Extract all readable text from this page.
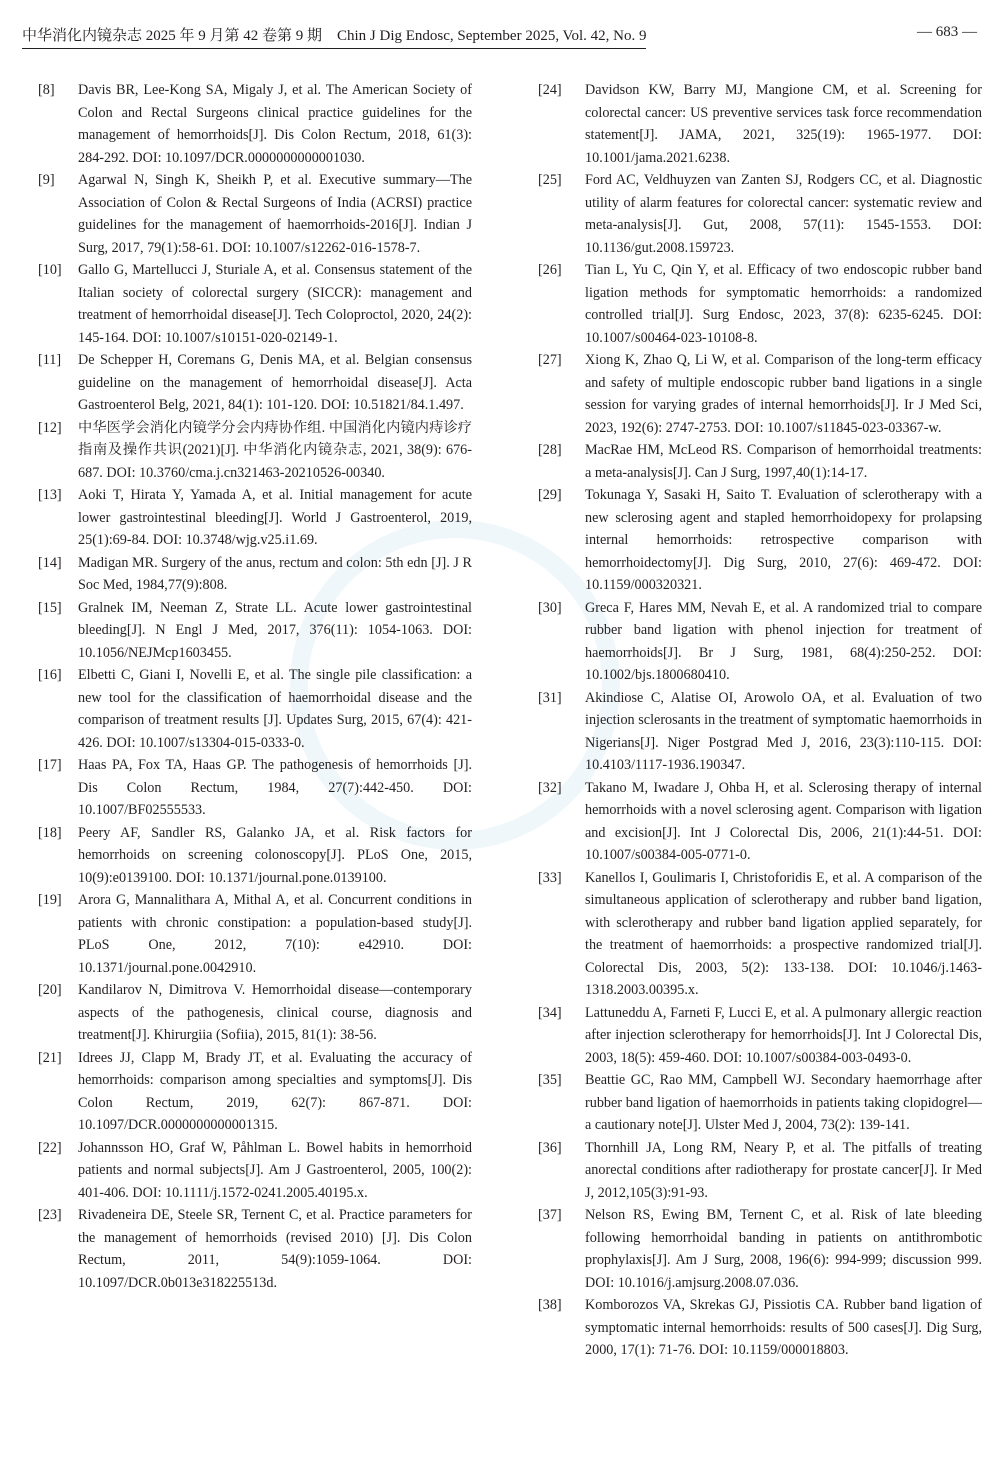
中华消化内镜杂志 2025 年 9 月第 42 卷第 9 期　Chin J Dig Endosc, September 2025, Vol. 42, No. 9	— 683 —

[8] Davis BR, Lee-Kong SA, Migaly J, et al. The American Society of Colon and Rectal Surgeons clinical practice guidelines for the management of hemorrhoids[J]. Dis Colon Rectum, 2018, 61(3): 284-292. DOI: 10.1097/DCR.0000000000001030.

[9] Agarwal N, Singh K, Sheikh P, et al. Executive summary—The Association of Colon & Rectal Surgeons of India (ACRSI) practice guidelines for the management of haemorrhoids-2016[J]. Indian J Surg, 2017, 79(1):58-61. DOI: 10.1007/s12262-016-1578-7.

[10] Gallo G, Martellucci J, Sturiale A, et al. Consensus statement of the Italian society of colorectal surgery (SICCR): management and treatment of hemorrhoidal disease[J]. Tech Coloproctol, 2020, 24(2): 145-164. DOI: 10.1007/s10151-020-02149-1.

[11] De Schepper H, Coremans G, Denis MA, et al. Belgian consensus guideline on the management of hemorrhoidal disease[J]. Acta Gastroenterol Belg, 2021, 84(1): 101-120. DOI: 10.51821/84.1.497.

[12] 中华医学会消化内镜学分会内痔协作组. 中国消化内镜内痔诊疗指南及操作共识(2021)[J]. 中华消化内镜杂志, 2021, 38(9): 676-687. DOI: 10.3760/cma.j.cn321463-20210526-00340.

[13] Aoki T, Hirata Y, Yamada A, et al. Initial management for acute lower gastrointestinal bleeding[J]. World J Gastroenterol, 2019, 25(1):69-84. DOI: 10.3748/wjg.v25.i1.69.

[14] Madigan MR. Surgery of the anus, rectum and colon: 5th edn [J]. J R Soc Med, 1984,77(9):808.

[15] Gralnek IM, Neeman Z, Strate LL. Acute lower gastrointestinal bleeding[J]. N Engl J Med, 2017, 376(11): 1054-1063. DOI: 10.1056/NEJMcp1603455.

[16] Elbetti C, Giani I, Novelli E, et al. The single pile classification: a new tool for the classification of haemorrhoidal disease and the comparison of treatment results [J]. Updates Surg, 2015, 67(4): 421-426. DOI: 10.1007/s13304-015-0333-0.

[17] Haas PA, Fox TA, Haas GP. The pathogenesis of hemorrhoids [J]. Dis Colon Rectum, 1984, 27(7):442-450. DOI: 10.1007/BF02555533.

[18] Peery AF, Sandler RS, Galanko JA, et al. Risk factors for hemorrhoids on screening colonoscopy[J]. PLoS One, 2015, 10(9):e0139100. DOI: 10.1371/journal.pone.0139100.

[19] Arora G, Mannalithara A, Mithal A, et al. Concurrent conditions in patients with chronic constipation: a population-based study[J]. PLoS One, 2012, 7(10): e42910. DOI: 10.1371/journal.pone.0042910.

[20] Kandilarov N, Dimitrova V. Hemorrhoidal disease—contemporary aspects of the pathogenesis, clinical course, diagnosis and treatment[J]. Khirurgiia (Sofiia), 2015, 81(1): 38-56.

[21] Idrees JJ, Clapp M, Brady JT, et al. Evaluating the accuracy of hemorrhoids: comparison among specialties and symptoms[J]. Dis Colon Rectum, 2019, 62(7): 867-871. DOI: 10.1097/DCR.0000000000001315.

[22] Johannsson HO, Graf W, Påhlman L. Bowel habits in hemorrhoid patients and normal subjects[J]. Am J Gastroenterol, 2005, 100(2): 401-406. DOI: 10.1111/j.1572-0241.2005.40195.x.

[23] Rivadeneira DE, Steele SR, Ternent C, et al. Practice parameters for the management of hemorrhoids (revised 2010) [J]. Dis Colon Rectum, 2011, 54(9):1059-1064. DOI: 10.1097/DCR.0b013e318225513d.

[24] Davidson KW, Barry MJ, Mangione CM, et al. Screening for colorectal cancer: US preventive services task force recommendation statement[J]. JAMA, 2021, 325(19): 1965-1977. DOI: 10.1001/jama.2021.6238.

[25] Ford AC, Veldhuyzen van Zanten SJ, Rodgers CC, et al. Diagnostic utility of alarm features for colorectal cancer: systematic review and meta-analysis[J]. Gut, 2008, 57(11): 1545-1553. DOI: 10.1136/gut.2008.159723.

[26] Tian L, Yu C, Qin Y, et al. Efficacy of two endoscopic rubber band ligation methods for symptomatic hemorrhoids: a randomized controlled trial[J]. Surg Endosc, 2023, 37(8): 6235-6245. DOI: 10.1007/s00464-023-10108-8.

[27] Xiong K, Zhao Q, Li W, et al. Comparison of the long-term efficacy and safety of multiple endoscopic rubber band ligations in a single session for varying grades of internal hemorrhoids[J]. Ir J Med Sci, 2023, 192(6): 2747-2753. DOI: 10.1007/s11845-023-03367-w.

[28] MacRae HM, McLeod RS. Comparison of hemorrhoidal treatments: a meta-analysis[J]. Can J Surg, 1997,40(1):14-17.

[29] Tokunaga Y, Sasaki H, Saito T. Evaluation of sclerotherapy with a new sclerosing agent and stapled hemorrhoidopexy for prolapsing internal hemorrhoids: retrospective comparison with hemorrhoidectomy[J]. Dig Surg, 2010, 27(6): 469-472. DOI: 10.1159/000320321.

[30] Greca F, Hares MM, Nevah E, et al. A randomized trial to compare rubber band ligation with phenol injection for treatment of haemorrhoids[J]. Br J Surg, 1981, 68(4):250-252. DOI: 10.1002/bjs.1800680410.

[31] Akindiose C, Alatise OI, Arowolo OA, et al. Evaluation of two injection sclerosants in the treatment of symptomatic haemorrhoids in Nigerians[J]. Niger Postgrad Med J, 2016, 23(3):110-115. DOI: 10.4103/1117-1936.190347.

[32] Takano M, Iwadare J, Ohba H, et al. Sclerosing therapy of internal hemorrhoids with a novel sclerosing agent. Comparison with ligation and excision[J]. Int J Colorectal Dis, 2006, 21(1):44-51. DOI: 10.1007/s00384-005-0771-0.

[33] Kanellos I, Goulimaris I, Christoforidis E, et al. A comparison of the simultaneous application of sclerotherapy and rubber band ligation, with sclerotherapy and rubber band ligation applied separately, for the treatment of haemorrhoids: a prospective randomized trial[J]. Colorectal Dis, 2003, 5(2): 133-138. DOI: 10.1046/j.1463-1318.2003.00395.x.

[34] Lattuneddu A, Farneti F, Lucci E, et al. A pulmonary allergic reaction after injection sclerotherapy for hemorrhoids[J]. Int J Colorectal Dis, 2003, 18(5): 459-460. DOI: 10.1007/s00384-003-0493-0.

[35] Beattie GC, Rao MM, Campbell WJ. Secondary haemorrhage after rubber band ligation of haemorrhoids in patients taking clopidogrel—a cautionary note[J]. Ulster Med J, 2004, 73(2): 139-141.

[36] Thornhill JA, Long RM, Neary P, et al. The pitfalls of treating anorectal conditions after radiotherapy for prostate cancer[J]. Ir Med J, 2012,105(3):91-93.

[37] Nelson RS, Ewing BM, Ternent C, et al. Risk of late bleeding following hemorrhoidal banding in patients on antithrombotic prophylaxis[J]. Am J Surg, 2008, 196(6): 994-999; discussion 999. DOI: 10.1016/j.amjsurg.2008.07.036.

[38] Komborozos VA, Skrekas GJ, Pissiotis CA. Rubber band ligation of symptomatic internal hemorrhoids: results of 500 cases[J]. Dig Surg, 2000, 17(1): 71-76. DOI: 10.1159/000018803.
